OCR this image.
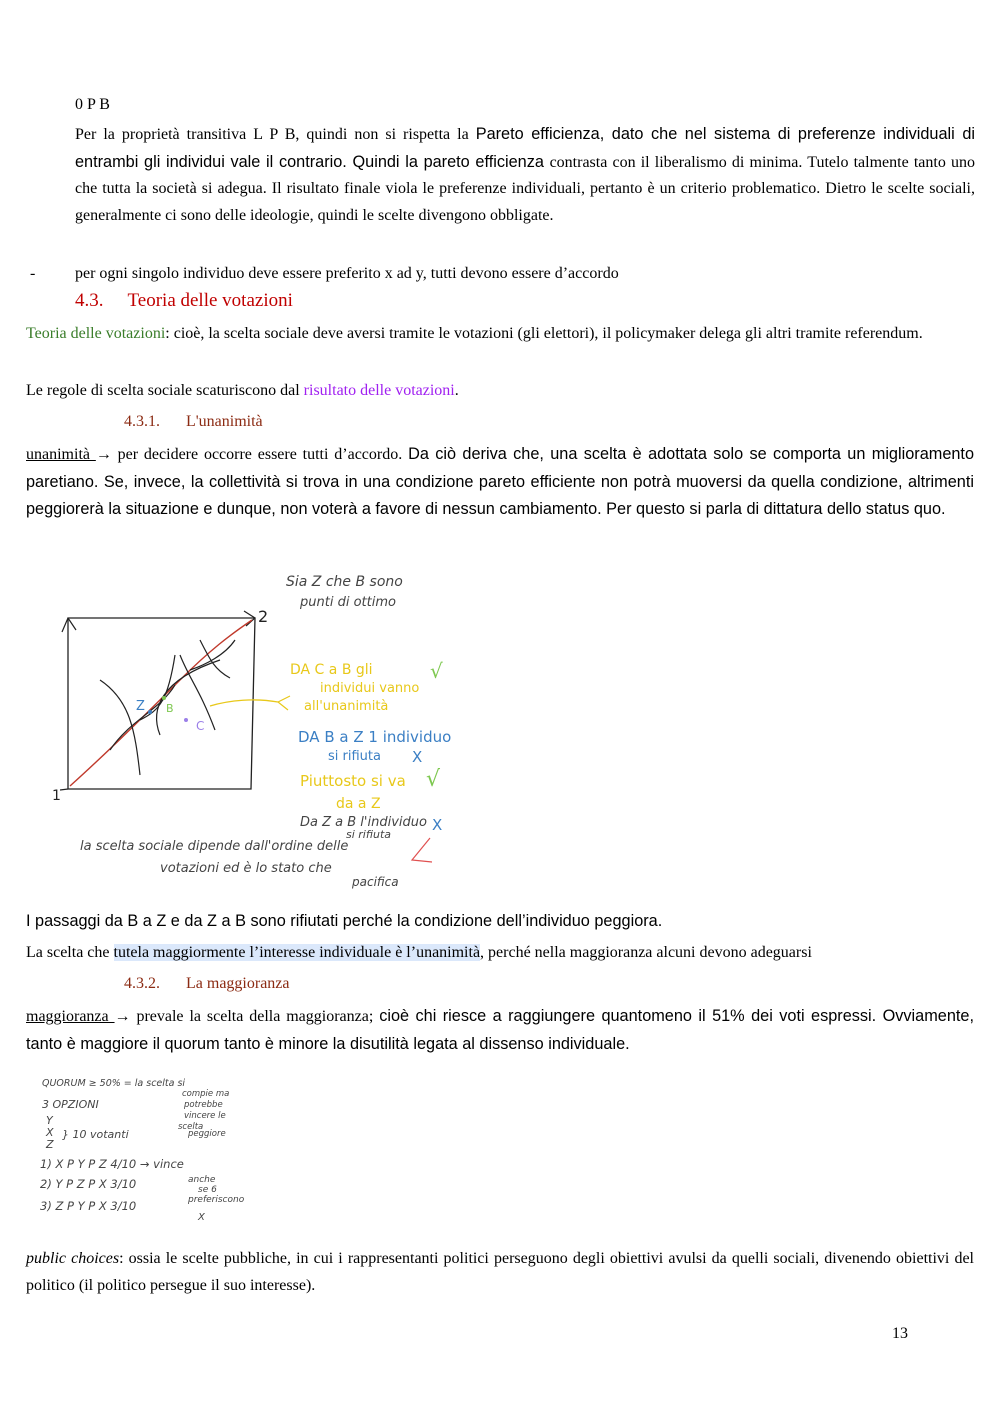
0 P B

Per la proprietà transitiva L P B, quindi non si rispetta la Pareto efficienza, dato che nel sistema di preferenze individuali di entrambi gli individui vale il contrario. Quindi la pareto efficienza contrasta con il liberalismo di minima. Tutelo talmente tanto uno che tutta la società si adegua. Il risultato finale viola le preferenze individuali, pertanto è un criterio problematico. Dietro le scelte sociali, generalmente ci sono delle ideologie, quindi le scelte divengono obbligate.

- per ogni singolo individuo deve essere preferito x ad y, tutti devono essere d’accordo

4.3. Teoria delle votazioni

Teoria delle votazioni: cioè, la scelta sociale deve aversi tramite le votazioni (gli elettori), il policymaker delega gli altri tramite referendum.

Le regole di scelta sociale scaturiscono dal risultato delle votazioni.

4.3.1. L'unanimità

unanimità → per decidere occorre essere tutti d’accordo. Da ciò deriva che, una scelta è adottata solo se comporta un miglioramento paretiano. Se, invece, la collettività si trova in una condizione pareto efficiente non potrà muoversi da quella condizione, altrimenti peggiorerà la situazione e dunque, non voterà a favore di nessun cambiamento. Per questo si parla di dittatura dello status quo.

2
1
Z B
C
Sia Z che B sono
punti di ottimo
DA C a B gli
individui vanno
all'unanimità
√
DA B a Z 1 individuo
si rifiuta X
Piuttosto si va
da a Z
√
Da Z a B l'individuo
si rifiuta
X
la scelta sociale dipende dall'ordine delle
votazioni ed è lo stato che
pacifica

I passaggi da B a Z e da Z a B sono rifiutati perché la condizione dell’individuo peggiora.

La scelta che tutela maggiormente l’interesse individuale è l’unanimità, perché nella maggioranza alcuni devono adeguarsi

4.3.2. La maggioranza

maggioranza → prevale la scelta della maggioranza; cioè chi riesce a raggiungere quantomeno il 51% dei voti espressi. Ovviamente, tanto è maggiore il quorum tanto è minore la disutilità legata al dissenso individuale.

QUORUM ≥ 50% = la scelta si
compie ma
potrebbe
vincere le
scelta
peggiore
3 OPZIONI
Y
X
Z
} 10 votanti
1) X P Y P Z 4/10 → vince
2) Y P Z P X 3/10
3) Z P Y P X 3/10
anche
se 6
preferiscono
X

public choices: ossia le scelte pubbliche, in cui i rappresentanti politici perseguono degli obiettivi avulsi da quelli sociali, divenendo obiettivi del politico (il politico persegue il suo interesse).

13
